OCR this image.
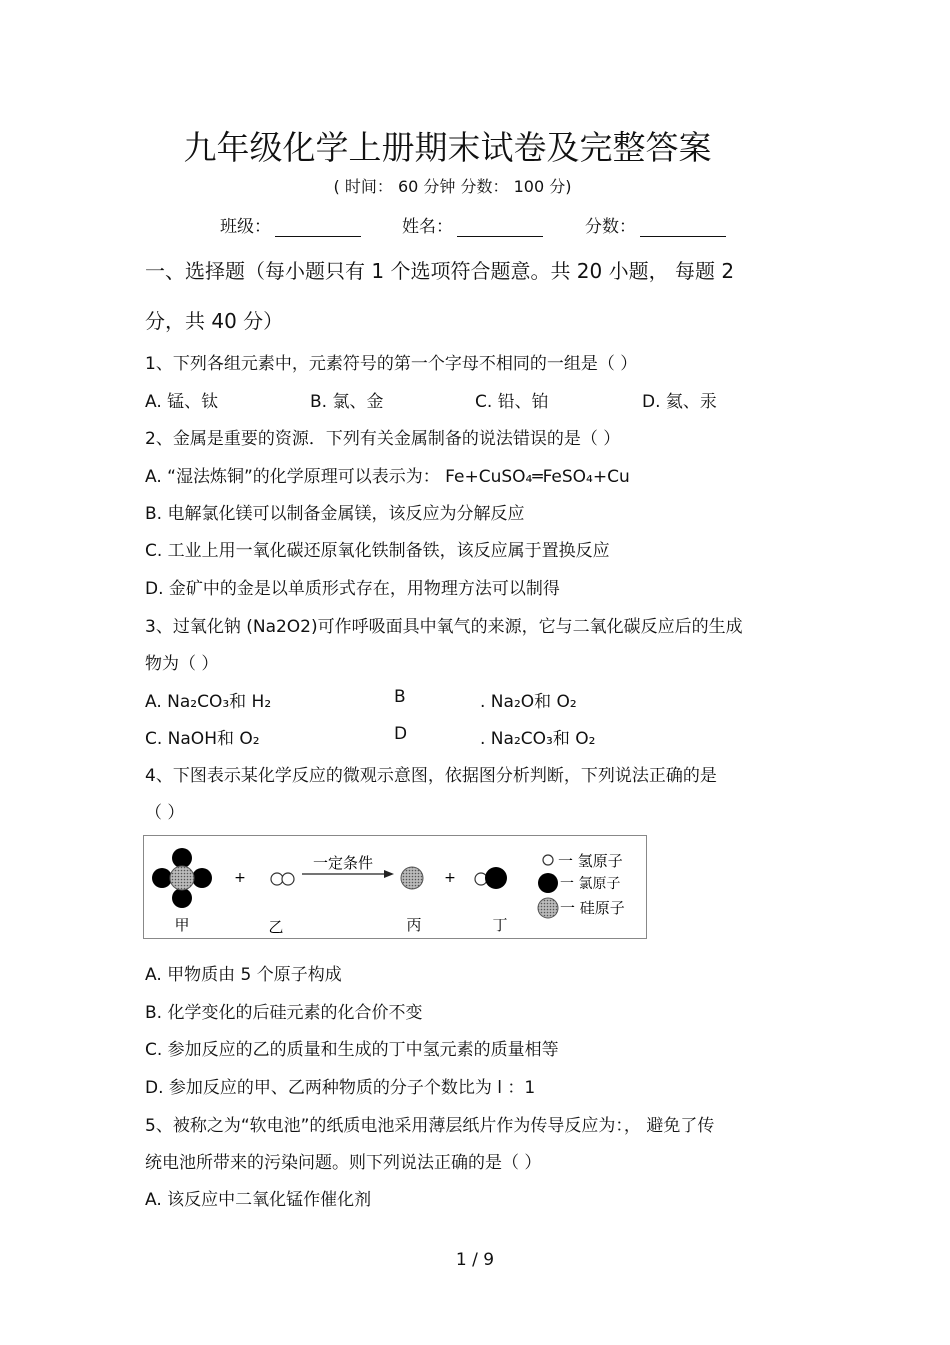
九年级化学上册期末试卷及完整答案
( 时间： 60 分钟 分数： 100 分)
班级：	姓名：	分数：
一、选择题（每小题只有 1 个选项符合题意。共 20 小题， 每题 2
分，共 40 分）
1、下列各组元素中，元素符号的第一个字母不相同的一组是（ ）
A. 锰、钛	B. 氯、金	C. 铅、铂	D. 氦、汞
2、金属是重要的资源．下列有关金属制备的说法错误的是（ ）
A. “湿法炼铜”的化学原理可以表示为： Fe+CuSO₄═FeSO₄+Cu
B. 电解氯化镁可以制备金属镁，该反应为分解反应
C. 工业上用一氧化碳还原氧化铁制备铁，该反应属于置换反应
D. 金矿中的金是以单质形式存在，用物理方法可以制得
3、过氧化钠 (Na2O2)可作呼吸面具中氧气的来源，它与二氧化碳反应后的生成
物为（ ）
A. Na₂CO₃和 H₂	B	. Na₂O和 O₂
C. NaOH和 O₂	D	. Na₂CO₃和 O₂
4、下图表示某化学反应的微观示意图，依据图分析判断，下列说法正确的是
（ ）
+
一定条件
+
甲	乙	丙	丁
一 氢原子
一 氯原子
一 硅原子
A. 甲物质由 5 个原子构成
B. 化学变化的后硅元素的化合价不变
C. 参加反应的乙的质量和生成的丁中氢元素的质量相等
D. 参加反应的甲、乙两种物质的分子个数比为 l ：1
5、被称之为“软电池”的纸质电池采用薄层纸片作为传导反应为：， 避免了传
统电池所带来的污染问题。则下列说法正确的是（ ）
A. 该反应中二氧化锰作催化剂
1 / 9
